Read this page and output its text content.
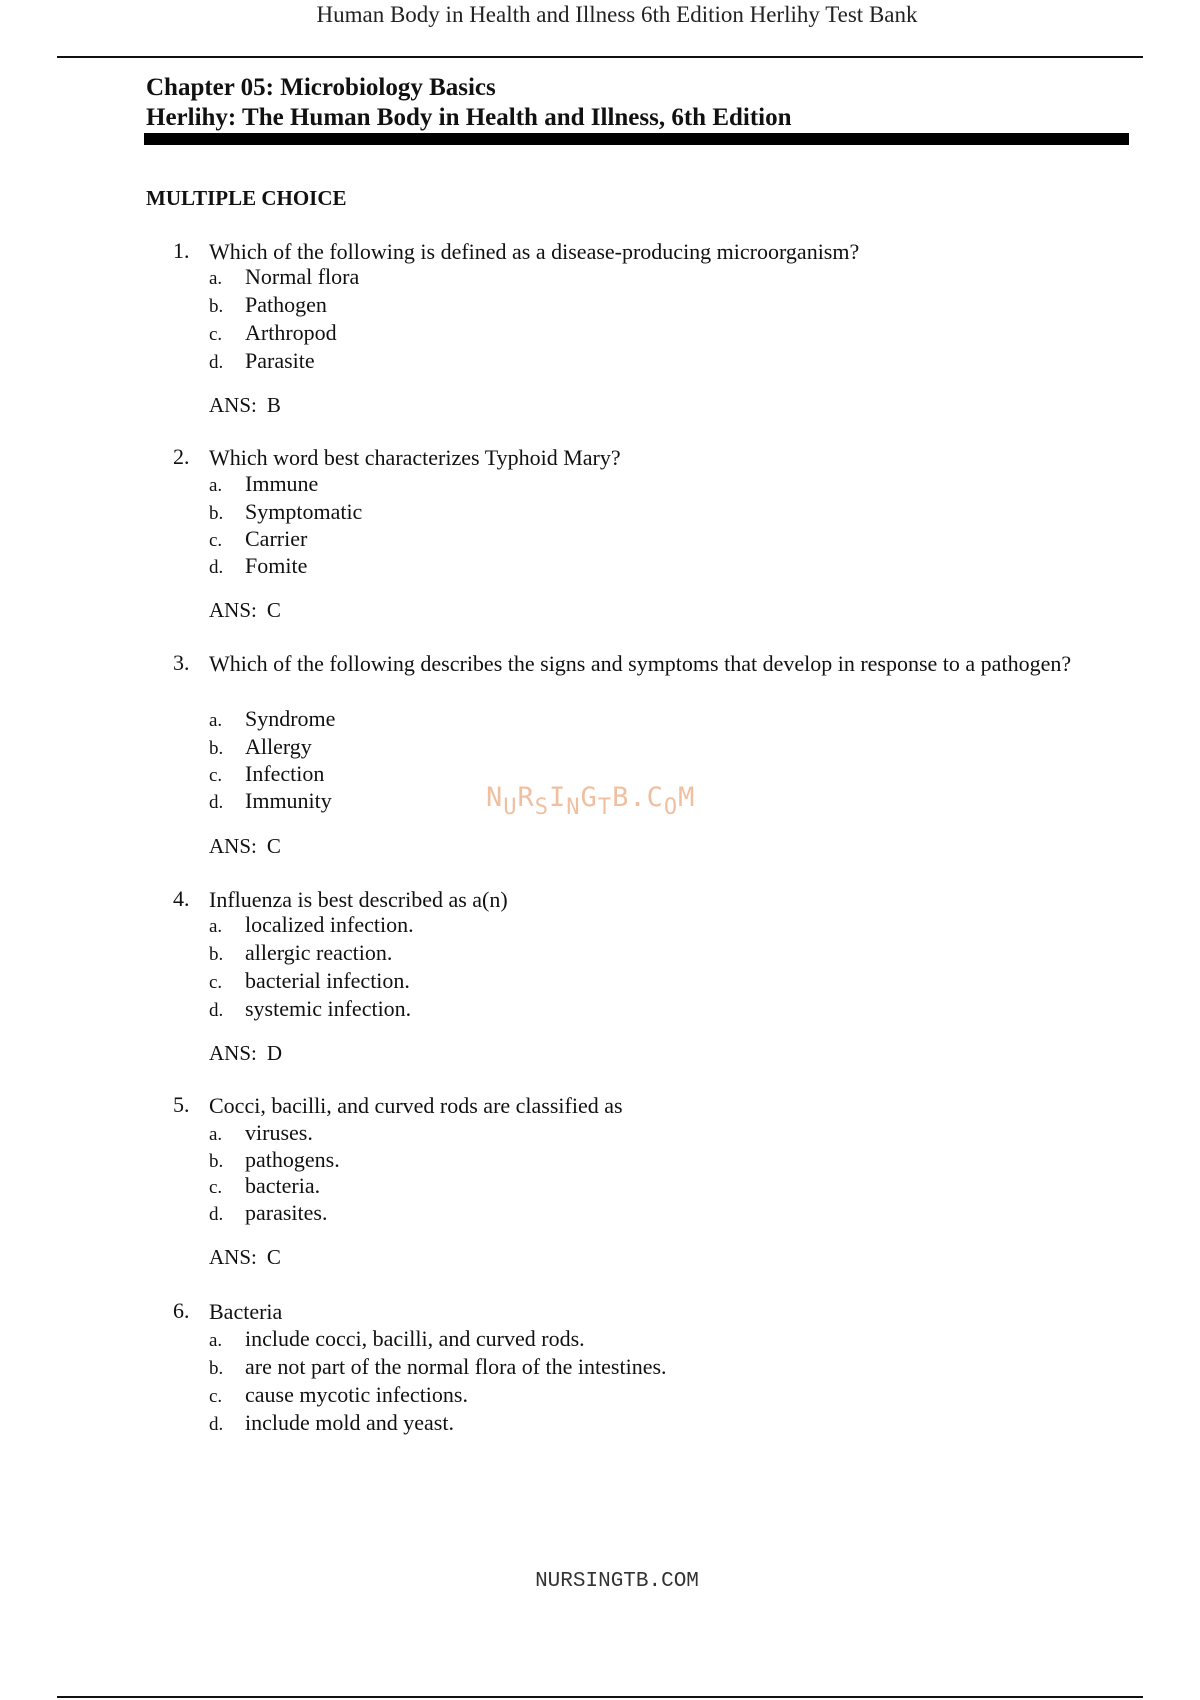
Human Body in Health and Illness 6th Edition Herlihy Test Bank
Chapter 05: Microbiology Basics
Herlihy: The Human Body in Health and Illness, 6th Edition
MULTIPLE CHOICE
1. Which of the following is defined as a disease-producing microorganism?
a. Normal flora
b. Pathogen
c. Arthropod
d. Parasite
ANS: B
2. Which word best characterizes Typhoid Mary?
a. Immune
b. Symptomatic
c. Carrier
d. Fomite
ANS: C
3. Which of the following describes the signs and symptoms that develop in response to a pathogen?
a. Syndrome
b. Allergy
c. Infection
d. Immunity
ANS: C
4. Influenza is best described as a(n)
a. localized infection.
b. allergic reaction.
c. bacterial infection.
d. systemic infection.
ANS: D
5. Cocci, bacilli, and curved rods are classified as
a. viruses.
b. pathogens.
c. bacteria.
d. parasites.
ANS: C
6. Bacteria
a. include cocci, bacilli, and curved rods.
b. are not part of the normal flora of the intestines.
c. cause mycotic infections.
d. include mold and yeast.
NURSINGTB.COM
NURSINGTB.COM
